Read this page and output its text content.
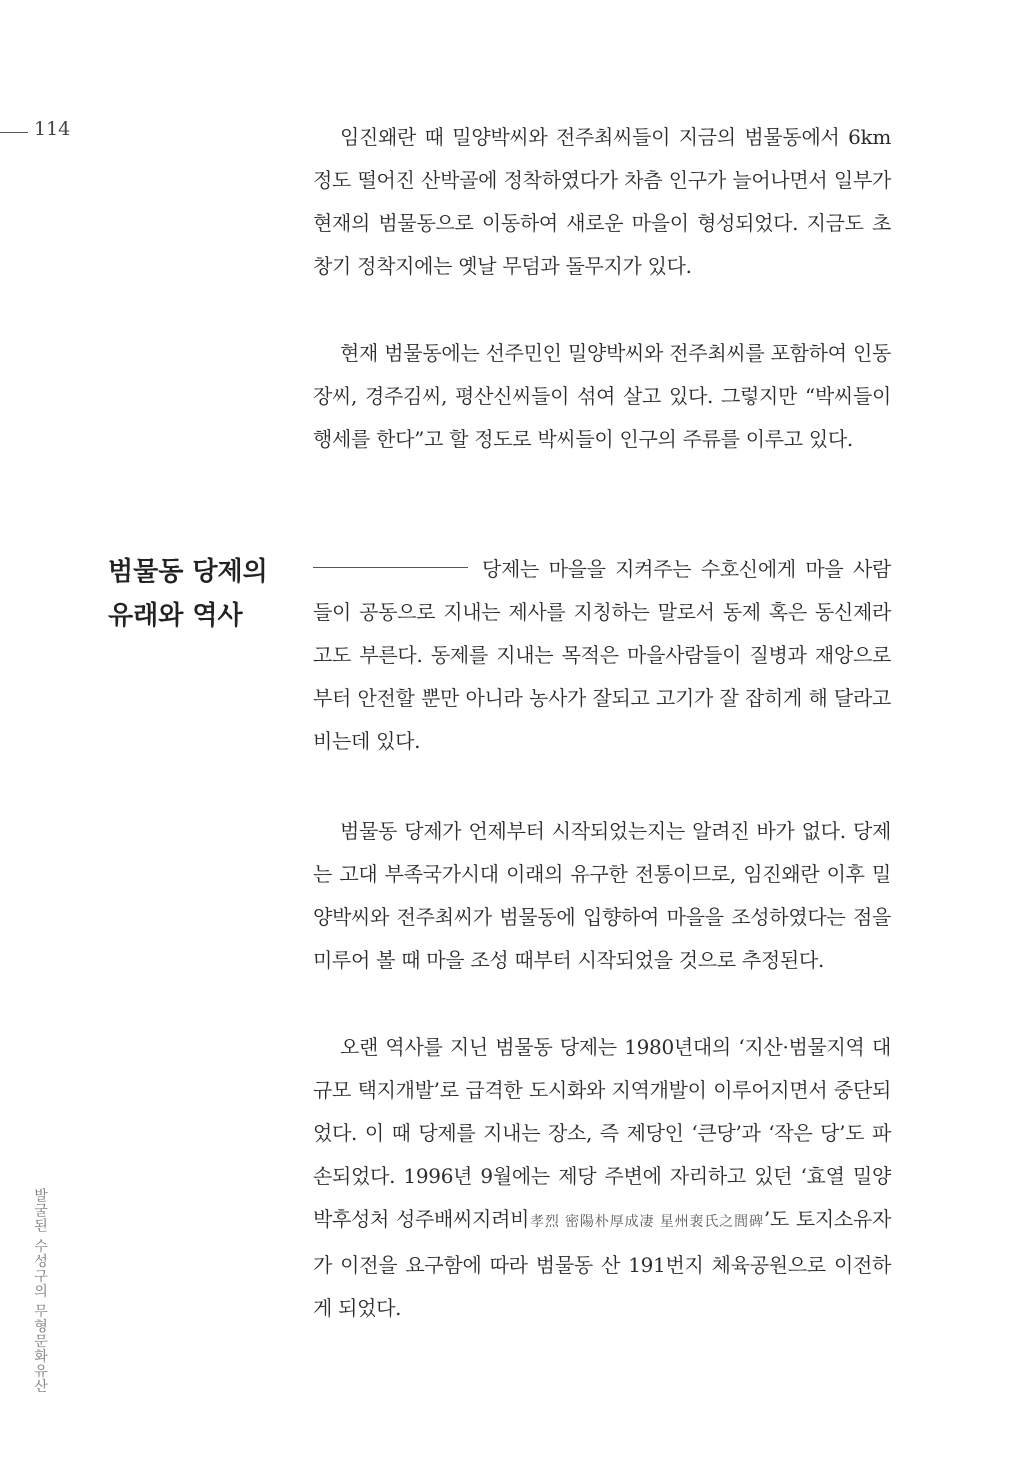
114
범물동 당제의
유래와 역사

임진왜란 때 밀양박씨와 전주최씨들이 지금의 범물동에서 6km 정도 떨어진 산박골에 정착하였다가 차츰 인구가 늘어나면서 일부가 현재의 범물동으로 이동하여 새로운 마을이 형성되었다. 지금도 초창기 정착지에는 옛날 무덤과 돌무지가 있다.

현재 범물동에는 선주민인 밀양박씨와 전주최씨를 포함하여 인동장씨, 경주김씨, 평산신씨들이 섞여 살고 있다. 그렇지만 “박씨들이 행세를 한다”고 할 정도로 박씨들이 인구의 주류를 이루고 있다.

당제는 마을을 지켜주는 수호신에게 마을 사람들이 공동으로 지내는 제사를 지칭하는 말로서 동제 혹은 동신제라고도 부른다. 동제를 지내는 목적은 마을사람들이 질병과 재앙으로부터 안전할 뿐만 아니라 농사가 잘되고 고기가 잘 잡히게 해 달라고 비는데 있다.

범물동 당제가 언제부터 시작되었는지는 알려진 바가 없다. 당제는 고대 부족국가시대 이래의 유구한 전통이므로, 임진왜란 이후 밀양박씨와 전주최씨가 범물동에 입향하여 마을을 조성하였다는 점을 미루어 볼 때 마을 조성 때부터 시작되었을 것으로 추정된다.

오랜 역사를 지닌 범물동 당제는 1980년대의 ‘지산·범물지역 대규모 택지개발’로 급격한 도시화와 지역개발이 이루어지면서 중단되었다. 이 때 당제를 지내는 장소, 즉 제당인 ‘큰당’과 ‘작은 당’도 파손되었다. 1996년 9월에는 제당 주변에 자리하고 있던 ‘효열 밀양박후성처 성주배씨지려비孝烈 密陽朴厚成凄 星州裵氏之閭碑’도 토지소유자가 이전을 요구함에 따라 범물동 산 191번지 체육공원으로 이전하게 되었다.

발굴된 수성구의 무형문화유산
